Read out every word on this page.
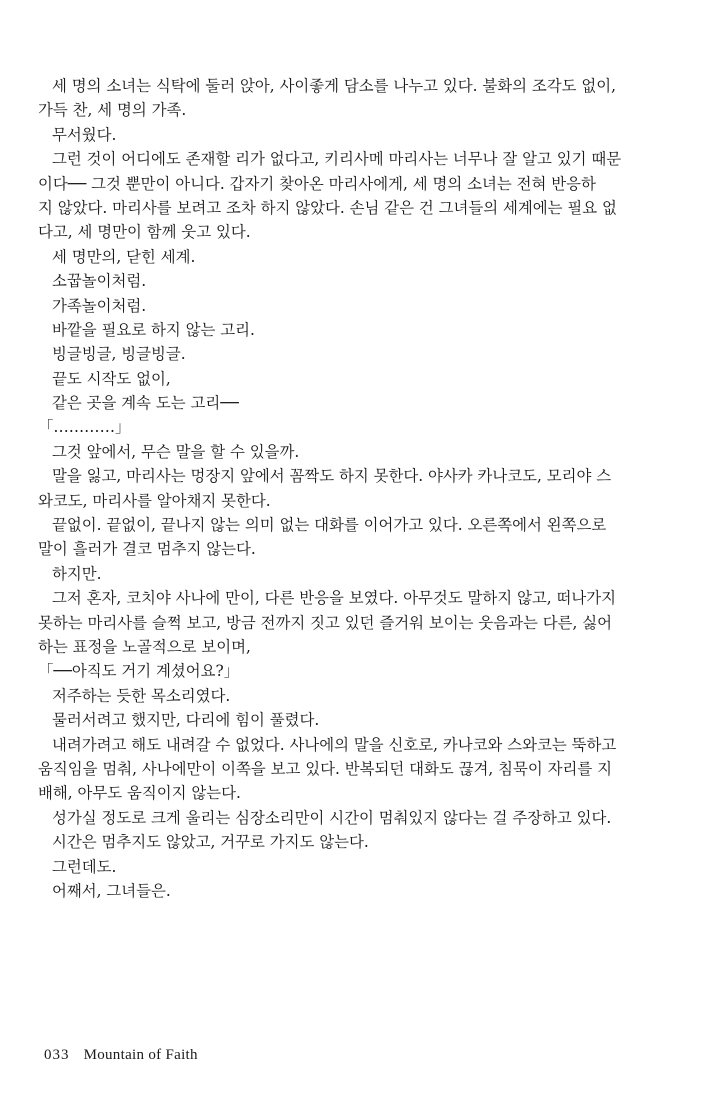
세 명의 소녀는 식탁에 둘러 앉아, 사이좋게 담소를 나누고 있다. 불화의 조각도 없이,

가득 찬, 세 명의 가족.

무서웠다.

그런 것이 어디에도 존재할 리가 없다고, 키리사메 마리사는 너무나 잘 알고 있기 때문

이다── 그것 뿐만이 아니다. 갑자기 찾아온 마리사에게, 세 명의 소녀는 전혀 반응하

지 않았다. 마리사를 보려고 조차 하지 않았다. 손님 같은 건 그녀들의 세계에는 필요 없

다고, 세 명만이 함께 웃고 있다.

세 명만의, 닫힌 세계.

소꿉놀이처럼.

가족놀이처럼.

바깥을 필요로 하지 않는 고리.

빙글빙글, 빙글빙글.

끝도 시작도 없이,

같은 곳을 계속 도는 고리──

「…………」

그것 앞에서, 무슨 말을 할 수 있을까.

말을 잃고, 마리사는 멍장지 앞에서 꼼짝도 하지 못한다. 야사카 카나코도, 모리야 스

와코도, 마리사를 알아채지 못한다.

끝없이. 끝없이, 끝나지 않는 의미 없는 대화를 이어가고 있다. 오른쪽에서 왼쪽으로

말이 흘러가 결코 멈추지 않는다.

하지만.

그저 혼자, 코치야 사나에 만이, 다른 반응을 보였다. 아무것도 말하지 않고, 떠나가지

못하는 마리사를 슬쩍 보고, 방금 전까지 짓고 있던 즐거워 보이는 웃음과는 다른, 싫어

하는 표정을 노골적으로 보이며,

「──아직도 거기 계셨어요?」

저주하는 듯한 목소리였다.

물러서려고 했지만, 다리에 힘이 풀렸다.

내려가려고 해도 내려갈 수 없었다. 사나에의 말을 신호로, 카나코와 스와코는 뚝하고

움직임을 멈춰, 사나에만이 이쪽을 보고 있다. 반복되던 대화도 끊겨, 침묵이 자리를 지

배해, 아무도 움직이지 않는다.

성가실 정도로 크게 울리는 심장소리만이 시간이 멈춰있지 않다는 걸 주장하고 있다.

시간은 멈추지도 않았고, 거꾸로 가지도 않는다.

그런데도.

어째서, 그녀들은.

033 Mountain of Faith
